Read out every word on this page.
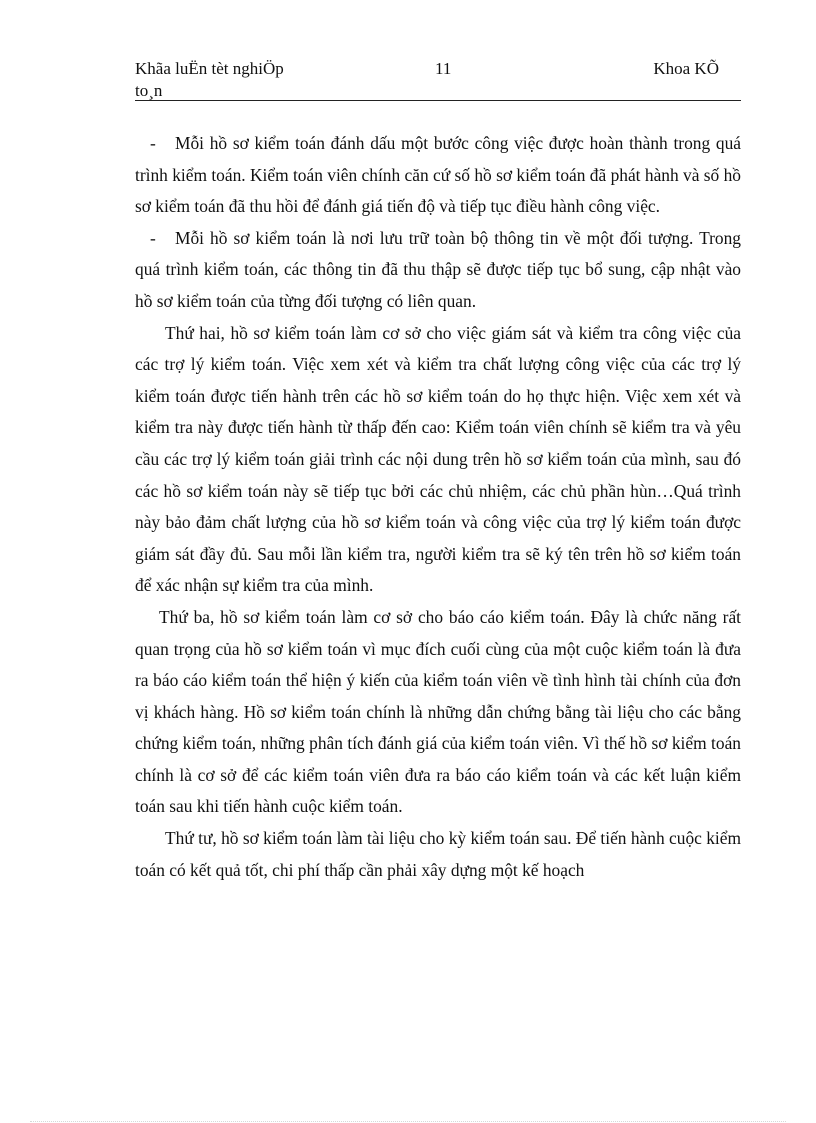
Khãa luËn tèt nghiÖp
to¸n
11	Khoa KÕ

- Mỗi hồ sơ kiểm toán đánh dấu một bước công việc được hoàn thành trong quá trình kiểm toán. Kiểm toán viên chính căn cứ số hồ sơ kiểm toán đã phát hành và số hồ sơ kiểm toán đã thu hồi để đánh giá tiến độ và tiếp tục điều hành công việc.

- Mỗi hồ sơ kiểm toán là nơi lưu trữ toàn bộ thông tin về một đối tượng. Trong quá trình kiểm toán, các thông tin đã thu thập sẽ được tiếp tục bổ sung, cập nhật vào hồ sơ kiểm toán của từng đối tượng có liên quan.

Thứ hai, hồ sơ kiểm toán làm cơ sở cho việc giám sát và kiểm tra công việc của các trợ lý kiểm toán. Việc xem xét và kiểm tra chất lượng công việc của các trợ lý kiểm toán được tiến hành trên các hồ sơ kiểm toán do họ thực hiện. Việc xem xét và kiểm tra này được tiến hành từ thấp đến cao: Kiểm toán viên chính sẽ kiểm tra và yêu cầu các trợ lý kiểm toán giải trình các nội dung trên hồ sơ kiểm toán của mình, sau đó các hồ sơ kiểm toán này sẽ tiếp tục bởi các chủ nhiệm, các chủ phần hùn…Quá trình này bảo đảm chất lượng của hồ sơ kiểm toán và công việc của trợ lý kiểm toán được giám sát đầy đủ. Sau mỗi lần kiểm tra, người kiểm tra sẽ ký tên trên hồ sơ kiểm toán để xác nhận sự kiểm tra của mình.

Thứ ba, hồ sơ kiểm toán làm cơ sở cho báo cáo kiểm toán. Đây là chức năng rất quan trọng của hồ sơ kiểm toán vì mục đích cuối cùng của một cuộc kiểm toán là đưa ra báo cáo kiểm toán thể hiện ý kiến của kiểm toán viên về tình hình tài chính của đơn vị khách hàng. Hồ sơ kiểm toán chính là những dẫn chứng bằng tài liệu cho các bằng chứng kiểm toán, những phân tích đánh giá của kiểm toán viên. Vì thế hồ sơ kiểm toán chính là cơ sở để các kiểm toán viên đưa ra báo cáo kiểm toán và các kết luận kiểm toán sau khi tiến hành cuộc kiểm toán.

Thứ tư, hồ sơ kiểm toán làm tài liệu cho kỳ kiểm toán sau. Để tiến hành cuộc kiểm toán có kết quả tốt, chi phí thấp cần phải xây dựng một kế hoạch
